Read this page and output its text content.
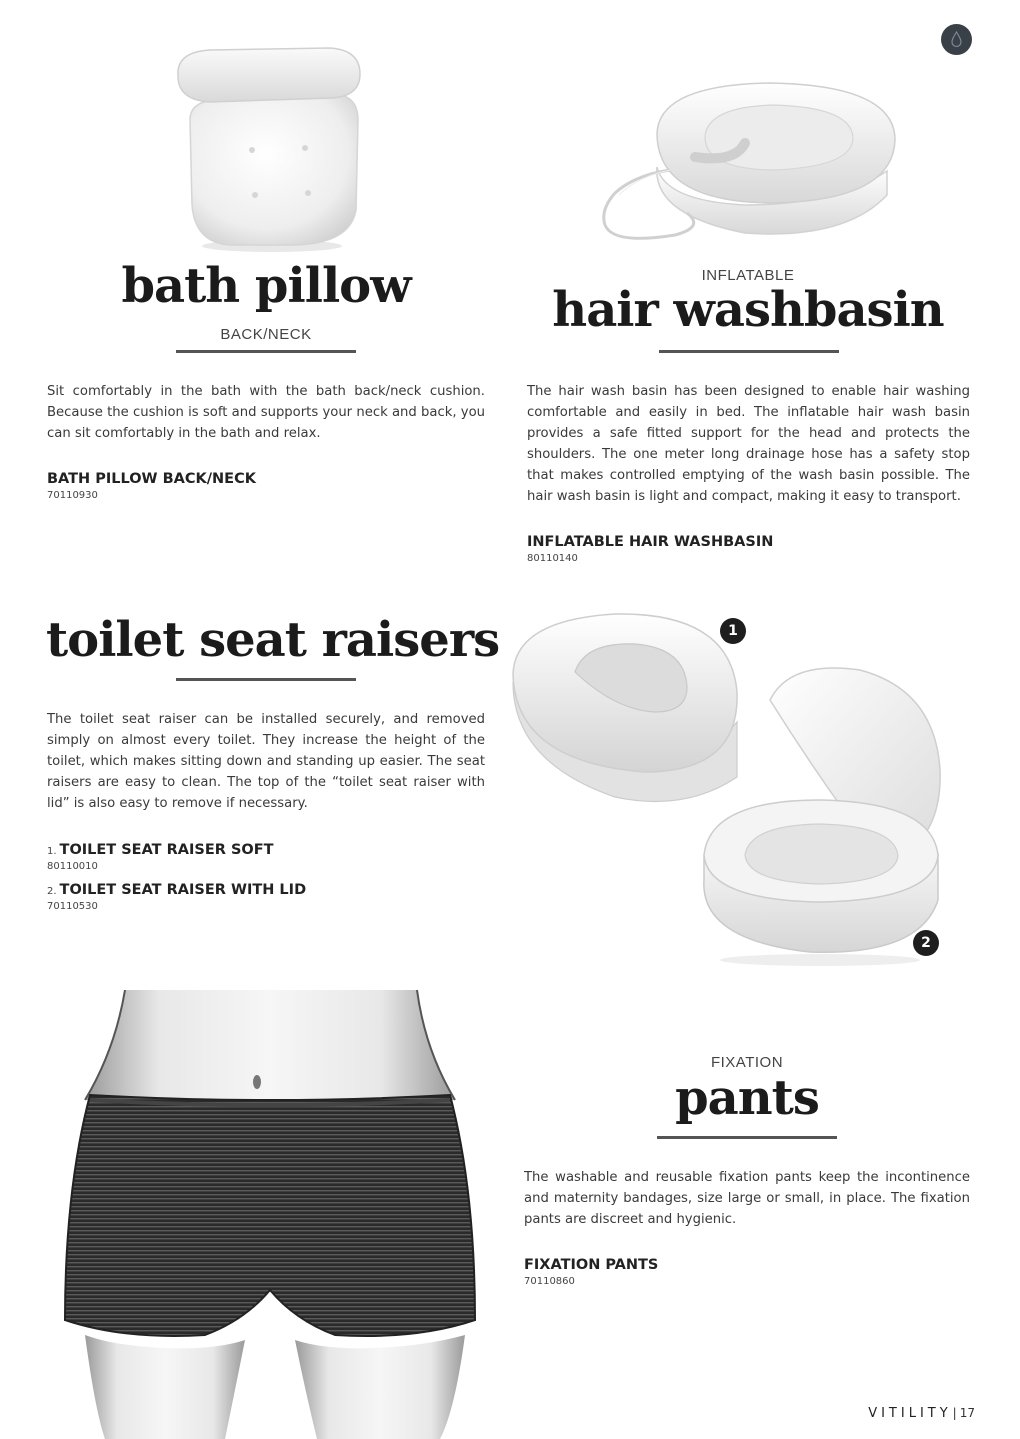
bath pillow
BACK/NECK
Sit comfortably in the bath with the bath back/neck cushion. Because the cushion is soft and supports your neck and back, you can sit comfortably in the bath and relax.
BATH PILLOW BACK/NECK
70110930
INFLATABLE
hair washbasin
The hair wash basin has been designed to enable hair washing comfortable and easily in bed. The inflatable hair wash basin provides a safe fitted support for the head and protects the shoulders. The one meter long drainage hose has a safety stop that makes controlled emptying of the wash basin possible. The hair wash basin is light and compact, making it easy to transport.
INFLATABLE HAIR WASHBASIN
80110140
toilet seat raisers
The toilet seat raiser can be installed securely, and removed simply on almost every toilet. They increase the height of the toilet, which makes sitting down and standing up easier. The seat raisers are easy to clean. The top of the “toilet seat raiser with lid” is also easy to remove if necessary.
1. TOILET SEAT RAISER SOFT
80110010
2. TOILET SEAT RAISER WITH LID
70110530
1
2
FIXATION
pants
The washable and reusable fixation pants keep the incontinence and maternity bandages, size large or small, in place. The fixation pants are discreet and hygienic.
FIXATION PANTS
70110860
VITILITY | 17
